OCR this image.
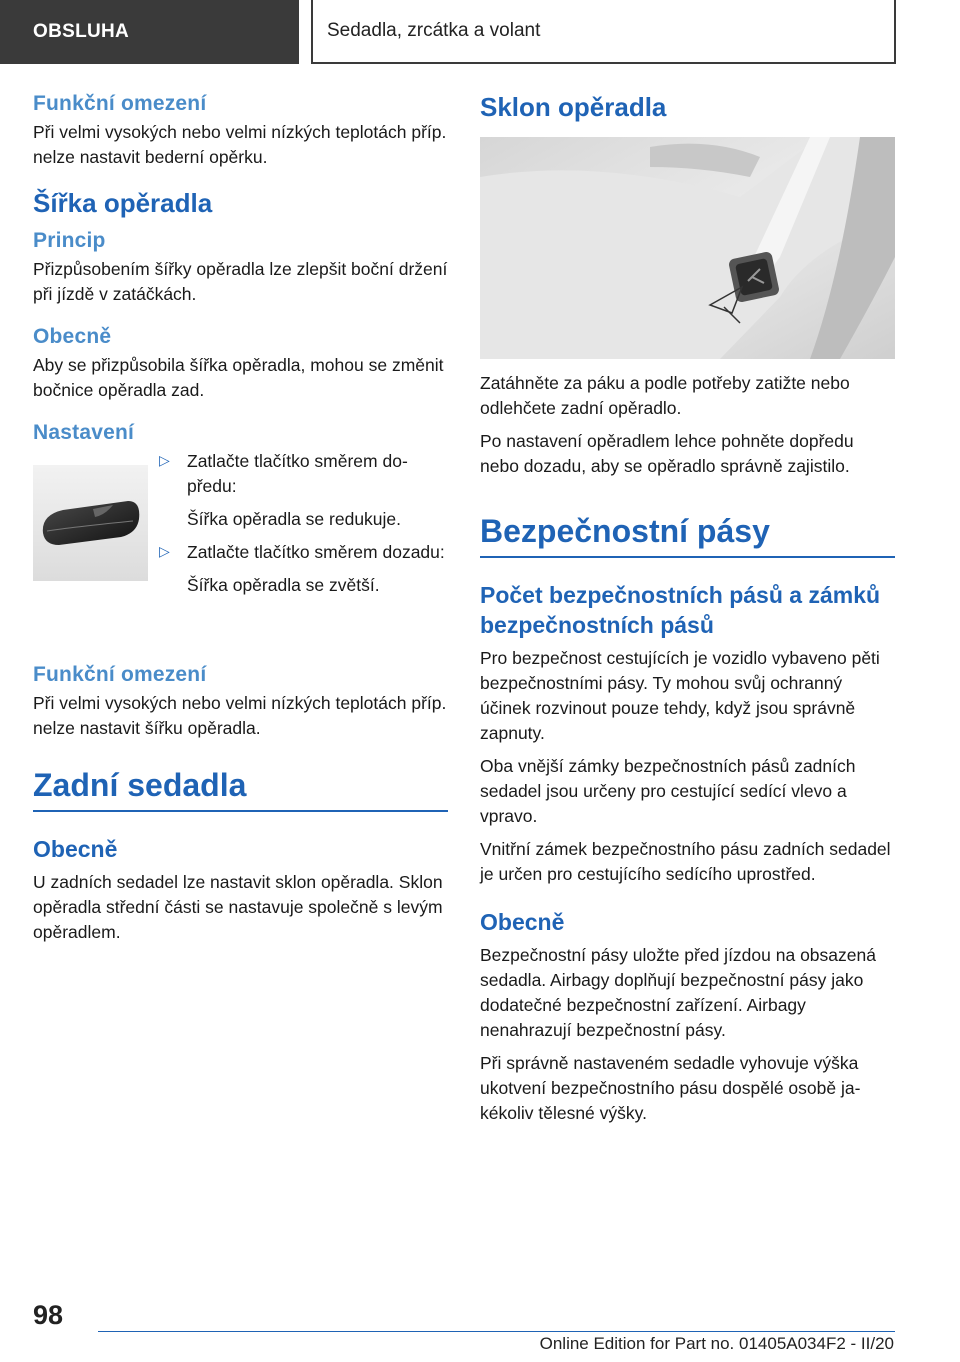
OBSLUHA	Sedadla, zrcátka a volant
Funkční omezení

Při velmi vysokých nebo velmi nízkých teplotách příp. nelze nastavit bederní opěrku.

Šířka opěradla
Princip

Přizpůsobením šířky opěradla lze zlepšit boční držení při jízdě v zatáčkách.

Obecně

Aby se přizpůsobila šířka opěradla, mohou se změnit bočnice opěradla zad.

Nastavení
▷ Zatlačte tlačítko směrem dopředu:

Šířka opěradla se redukuje.

▷ Zatlačte tlačítko směrem dozadu:

Šířka opěradla se zvětší.

Funkční omezení

Při velmi vysokých nebo velmi nízkých teplotách příp. nelze nastavit šířku opěradla.

Zadní sedadla
Obecně

U zadních sedadel lze nastavit sklon opěradla. Sklon opěradla střední části se nastavuje společně s levým opěradlem.

Sklon opěradla

Zatáhněte za páku a podle potřeby zatižte nebo odlehčete zadní opěradlo.

Po nastavení opěradlem lehce pohněte dopředu nebo dozadu, aby se opěradlo správně zajistilo.

Bezpečnostní pásy
Počet bezpečnostních pásů a zámků bezpečnostních pásů

Pro bezpečnost cestujících je vozidlo vybaveno pěti bezpečnostními pásy. Ty mohou svůj ochranný účinek rozvinout pouze tehdy, když jsou správně zapnuty.

Oba vnější zámky bezpečnostních pásů zadních sedadel jsou určeny pro cestující sedící vlevo a vpravo.

Vnitřní zámek bezpečnostního pásu zadních sedadel je určen pro cestujícího sedícího uprostřed.

Obecně

Bezpečnostní pásy uložte před jízdou na obsazená sedadla. Airbagy doplňují bezpečnostní pásy jako dodatečné bezpečnostní zařízení. Airbagy nenahrazují bezpečnostní pásy.

Při správně nastaveném sedadle vyhovuje výška ukotvení bezpečnostního pásu dospělé osobě jakékoliv tělesné výšky.

98
Online Edition for Part no. 01405A034F2 - II/20
